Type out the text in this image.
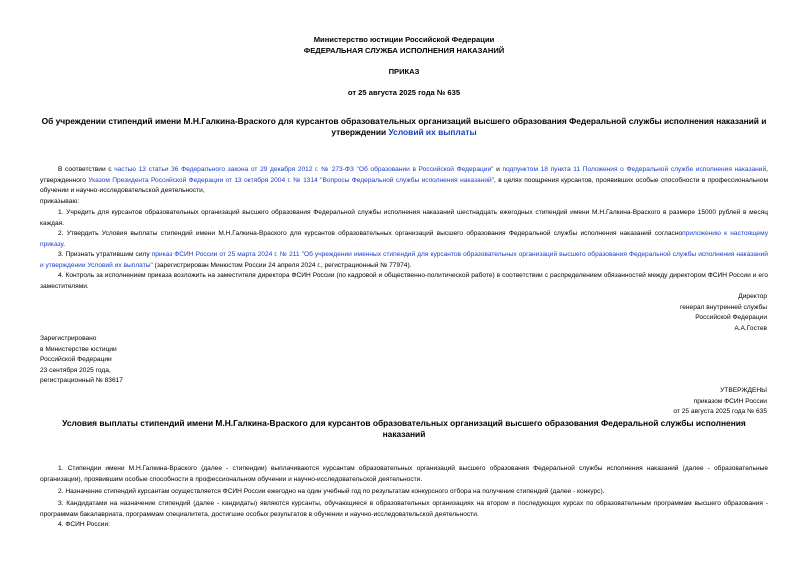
Министерство юстиции Российской Федерации
ФЕДЕРАЛЬНАЯ СЛУЖБА ИСПОЛНЕНИЯ НАКАЗАНИЙ
ПРИКАЗ
от 25 августа 2025 года № 635
Об учреждении стипендий имени М.Н.Галкина-Враского для курсантов образовательных организаций высшего образования Федеральной службы исполнения наказаний и утверждении Условий их выплаты
В соответствии с частью 13 статьи 36 Федерального закона от 29 декабря 2012 г. № 273-ФЗ "Об образовании в Российской Федерации" и подпунктом 18 пункта 11 Положения о Федеральной службе исполнения наказаний, утвержденного Указом Президента Российской Федерации от 13 октября 2004 г. № 1314 "Вопросы Федеральной службы исполнения наказаний", в целях поощрения курсантов, проявивших особые способности в профессиональном обучении и научно-исследовательской деятельности,
приказываю:
1. Учредить для курсантов образовательных организаций высшего образования Федеральной службы исполнения наказаний шестнадцать ежегодных стипендий имени М.Н.Галкина-Враского в размере 15000 рублей в месяц каждая.
2. Утвердить Условия выплаты стипендий имени М.Н.Галкина-Враского для курсантов образовательных организаций высшего образования Федеральной службы исполнения наказаний согласноприложению к настоящему приказу.
3. Признать утратившим силу приказ ФСИН России от 25 марта 2024 г. № 211 "Об учреждении именных стипендий для курсантов образовательных организаций высшего образования Федеральной службы исполнения наказаний и утверждении Условий их выплаты" (зарегистрирован Минюстом России 24 апреля 2024 г., регистрационный № 77974).
4. Контроль за исполнением приказа возложить на заместителя директора ФСИН России (по кадровой и общественно-политической работе) в соответствии с распределением обязанностей между директором ФСИН России и его заместителями.
Директор
генерал внутренней службы
Российской Федерации
А.А.Гостев
Зарегистрировано
в Министерстве юстиции
Российской Федерации
23 сентября 2025 года,
регистрационный № 83617
УТВЕРЖДЕНЫ
приказом ФСИН России
от 25 августа 2025 года № 635
Условия выплаты стипендий имени М.Н.Галкина-Враского для курсантов образовательных организаций высшего образования Федеральной службы исполнения наказаний
1. Стипендии имени М.Н.Галкина-Враского (далее - стипендии) выплачиваются курсантам образовательных организаций высшего образования Федеральной службы исполнения наказаний (далее - образовательные организации), проявившим особые способности в профессиональном обучении и научно-исследовательской деятельности.
2. Назначение стипендий курсантам осуществляется ФСИН России ежегодно на один учебный год по результатам конкурсного отбора на получение стипендий (далее - конкурс).
3. Кандидатами на назначение стипендий (далее - кандидаты) являются курсанты, обучающиеся в образовательных организациях на втором и последующих курсах по образовательным программам высшего образования - программам бакалавриата, программам специалитета, достигшие особых результатов в обучении и научно-исследовательской деятельности.
4. ФСИН России:
